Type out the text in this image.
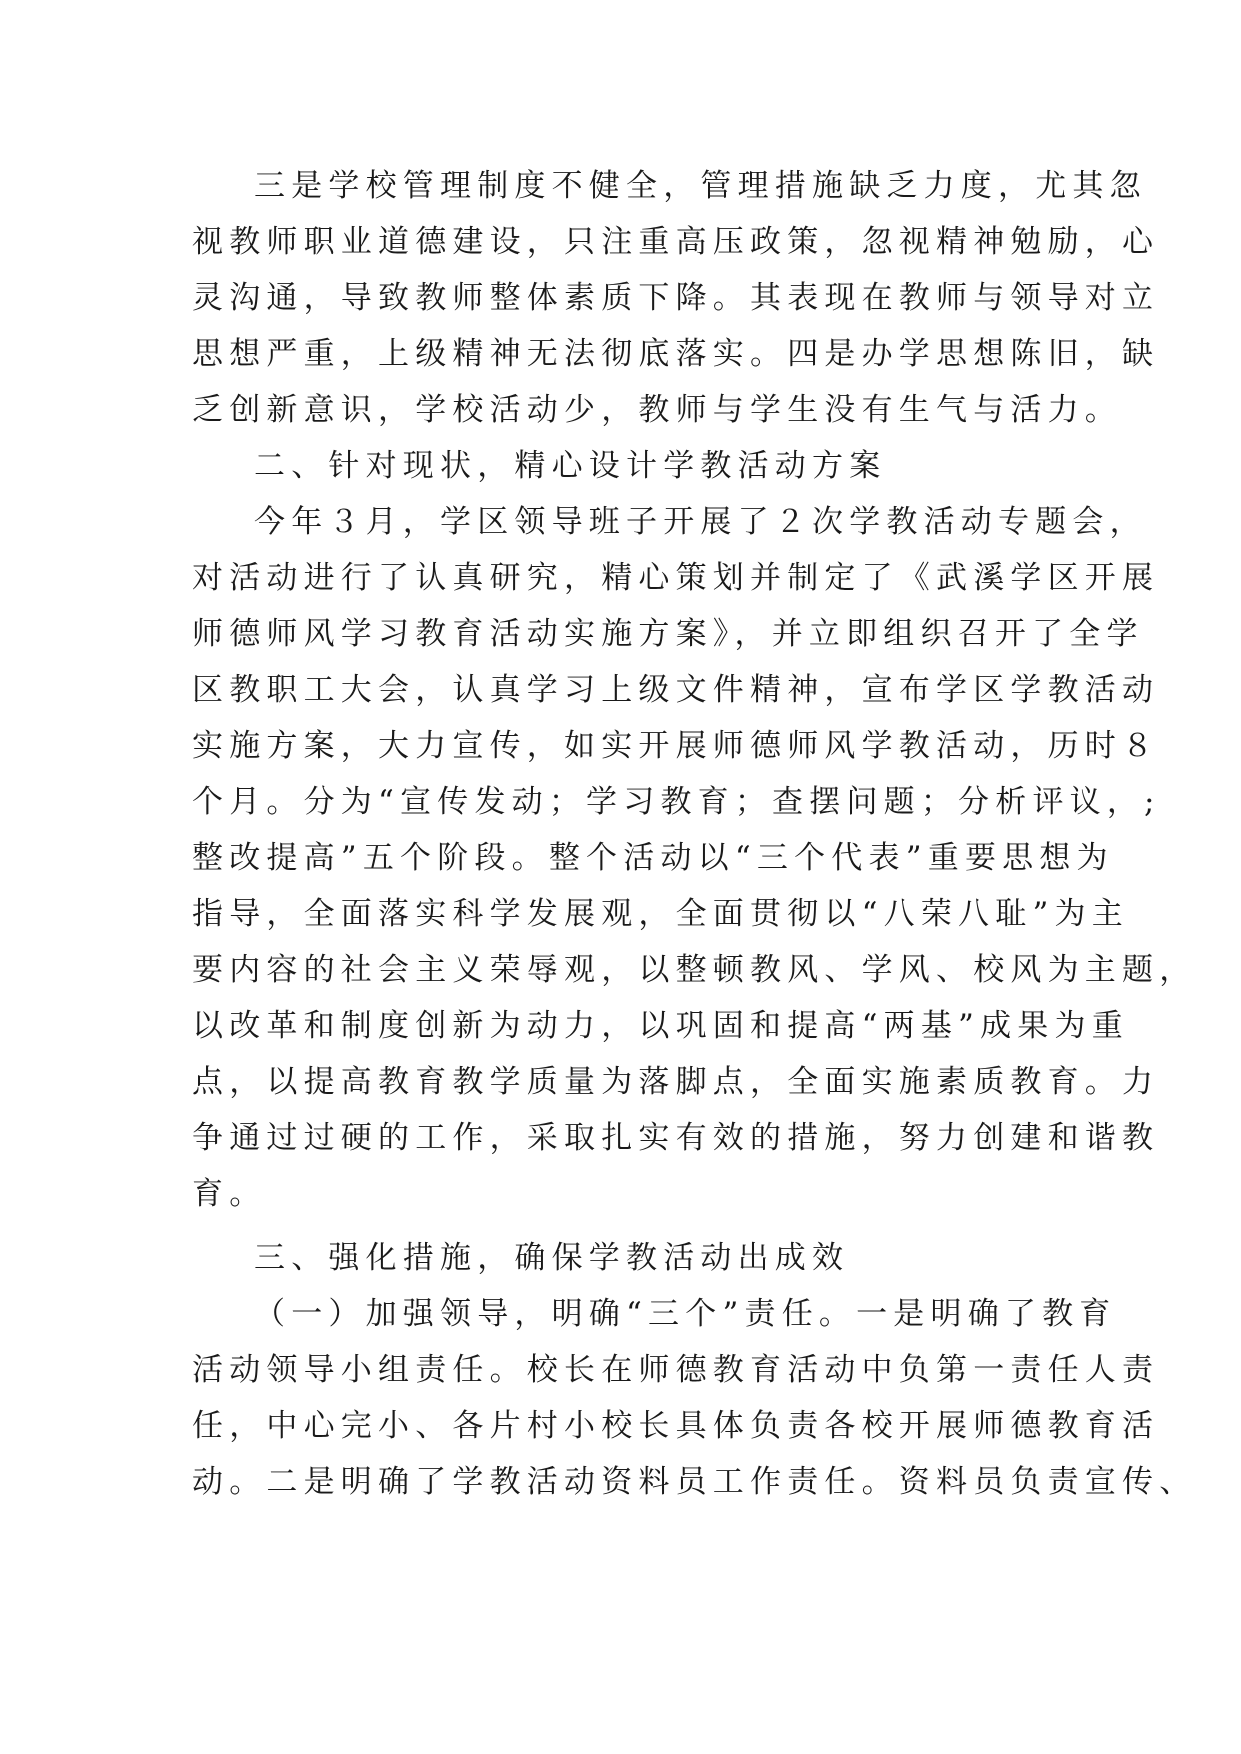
三是学校管理制度不健全，管理措施缺乏力度，尤其忽
视教师职业道德建设，只注重高压政策，忽视精神勉励，心
灵沟通，导致教师整体素质下降。其表现在教师与领导对立
思想严重，上级精神无法彻底落实。四是办学思想陈旧，缺
乏创新意识，学校活动少，教师与学生没有生气与活力。
二、针对现状，精心设计学教活动方案
今年３月，学区领导班子开展了２次学教活动专题会，
对活动进行了认真研究，精心策划并制定了《武溪学区开展
师德师风学习教育活动实施方案》，并立即组织召开了全学
区教职工大会，认真学习上级文件精神，宣布学区学教活动
实施方案，大力宣传，如实开展师德师风学教活动，历时８
个月。分为“宣传发动；学习教育；查摆问题；分析评议，;
整改提高”五个阶段。整个活动以“三个代表”重要思想为
指导，全面落实科学发展观，全面贯彻以“八荣八耻”为主
要内容的社会主义荣辱观，以整顿教风、学风、校风为主题，
以改革和制度创新为动力，以巩固和提高“两基”成果为重
点，以提高教育教学质量为落脚点，全面实施素质教育。力
争通过过硬的工作，采取扎实有效的措施，努力创建和谐教
育。
三、强化措施，确保学教活动出成效
（一）加强领导，明确“三个”责任。一是明确了教育
活动领导小组责任。校长在师德教育活动中负第一责任人责
任，中心完小、各片村小校长具体负责各校开展师德教育活
动。二是明确了学教活动资料员工作责任。资料员负责宣传、
